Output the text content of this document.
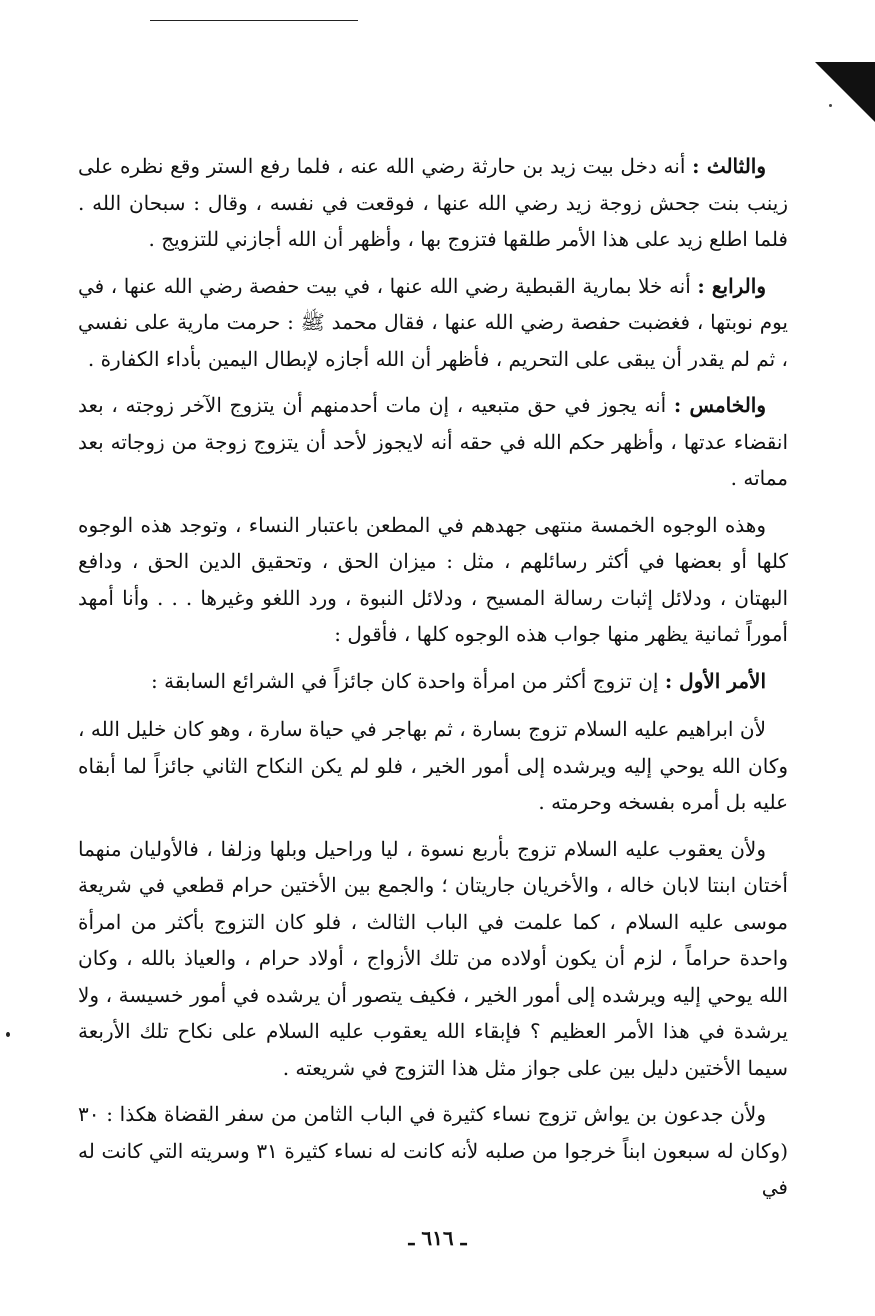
والثالث : أنه دخل بيت زيد بن حارثة رضي الله عنه ، فلما رفع الستر وقع نظره على زينب بنت جحش زوجة زيد رضي الله عنها ، فوقعت في نفسه ، وقال : سبحان الله . فلما اطلع زيد على هذا الأمر طلقها فتزوج بها ، وأظهر أن الله أجازني للتزويج .

والرابع : أنه خلا بمارية القبطية رضي الله عنها ، في بيت حفصة رضي الله عنها ، في يوم نوبتها ، فغضبت حفصة رضي الله عنها ، فقال محمد ﷺ : حرمت مارية على نفسي ، ثم لم يقدر أن يبقى على التحريم ، فأظهر أن الله أجازه لإبطال اليمين بأداء الكفارة .

والخامس : أنه يجوز في حق متبعيه ، إن مات أحدمنهم أن يتزوج الآخر زوجته ، بعد انقضاء عدتها ، وأظهر حكم الله في حقه أنه لايجوز لأحد أن يتزوج زوجة من زوجاته بعد مماته .

وهذه الوجوه الخمسة منتهى جهدهم في المطعن باعتبار النساء ، وتوجد هذه الوجوه كلها أو بعضها في أكثر رسائلهم ، مثل : ميزان الحق ، وتحقيق الدين الحق ، ودافع البهتان ، ودلائل إثبات رسالة المسيح ، ودلائل النبوة ، ورد اللغو وغيرها . . . وأنا أمهد أموراً ثمانية يظهر منها جواب هذه الوجوه كلها ، فأقول :

الأمر الأول : إن تزوج أكثر من امرأة واحدة كان جائزاً في الشرائع السابقة :

لأن ابراهيم عليه السلام تزوج بسارة ، ثم بهاجر في حياة سارة ، وهو كان خليل الله ، وكان الله يوحي إليه ويرشده إلى أمور الخير ، فلو لم يكن النكاح الثاني جائزاً لما أبقاه عليه بل أمره بفسخه وحرمته .

ولأن يعقوب عليه السلام تزوج بأربع نسوة ، ليا وراحيل وبلها وزلفا ، فالأوليان منهما أختان ابنتا لابان خاله ، والأخريان جاريتان ؛ والجمع بين الأختين حرام قطعي في شريعة موسى عليه السلام ، كما علمت في الباب الثالث ، فلو كان التزوج بأكثر من امرأة واحدة حراماً ، لزم أن يكون أولاده من تلك الأزواج ، أولاد حرام ، والعياذ بالله ، وكان الله يوحي إليه ويرشده إلى أمور الخير ، فكيف يتصور أن يرشده في أمور خسيسة ، ولا يرشدة في هذا الأمر العظيم ؟ فإبقاء الله يعقوب عليه السلام على نكاح تلك الأربعة سيما الأختين دليل بين على جواز مثل هذا التزوج في شريعته .

ولأن جدعون بن يواش تزوج نساء كثيرة في الباب الثامن من سفر القضاة هكذا : ٣٠ (وكان له سبعون ابناً خرجوا من صلبه لأنه كانت له نساء كثيرة ٣١ وسريته التي كانت له في

ـ ٦١٦ ـ
